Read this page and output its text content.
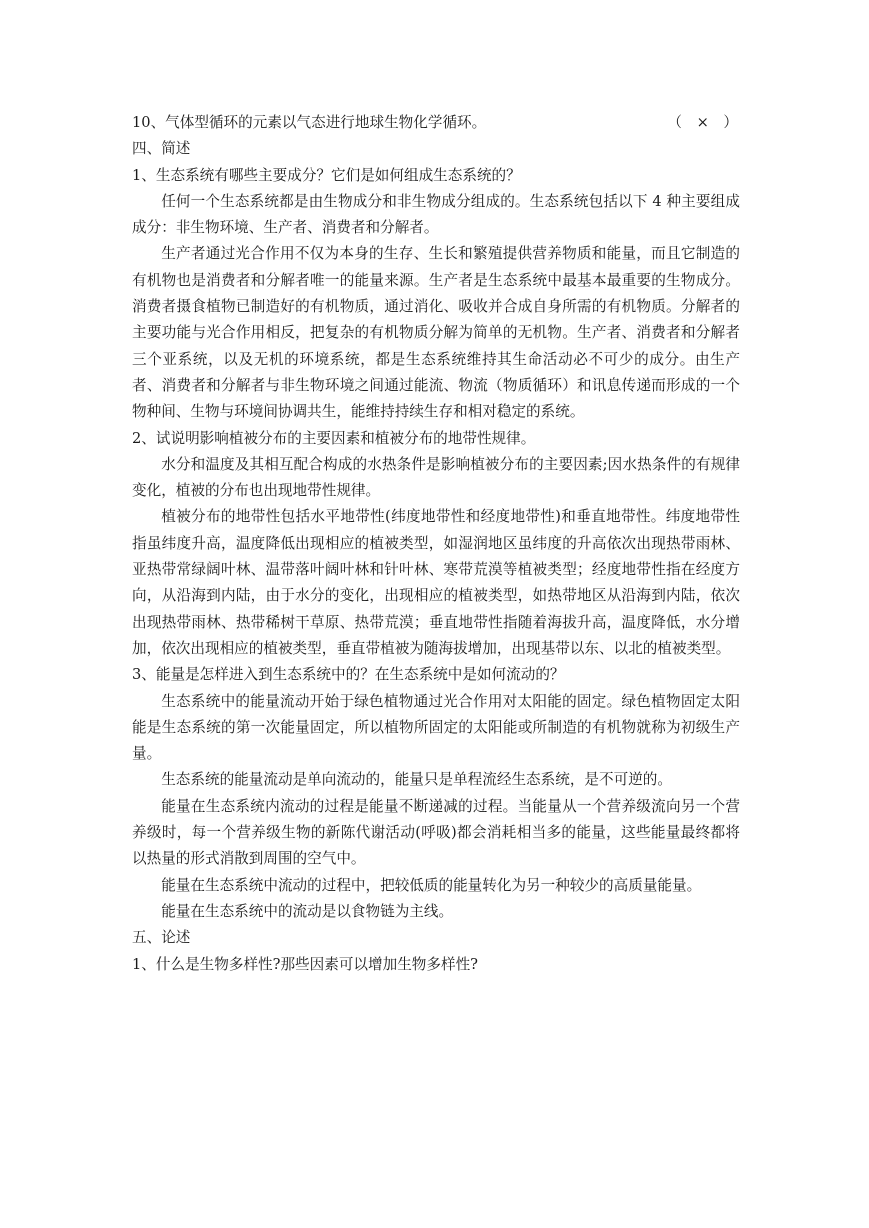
10、气体型循环的元素以气态进行地球生物化学循环。	（　×　）
四、简述
1、生态系统有哪些主要成分？它们是如何组成生态系统的？

任何一个生态系统都是由生物成分和非生物成分组成的。生态系统包括以下 4 种主要组成成分：非生物环境、生产者、消费者和分解者。

生产者通过光合作用不仅为本身的生存、生长和繁殖提供营养物质和能量，而且它制造的有机物也是消费者和分解者唯一的能量来源。生产者是生态系统中最基本最重要的生物成分。消费者摄食植物已制造好的有机物质，通过消化、吸收并合成自身所需的有机物质。分解者的主要功能与光合作用相反，把复杂的有机物质分解为简单的无机物。生产者、消费者和分解者三个亚系统，以及无机的环境系统，都是生态系统维持其生命活动必不可少的成分。由生产者、消费者和分解者与非生物环境之间通过能流、物流（物质循环）和讯息传递而形成的一个物种间、生物与环境间协调共生，能维持持续生存和相对稳定的系统。

2、试说明影响植被分布的主要因素和植被分布的地带性规律。

水分和温度及其相互配合构成的水热条件是影响植被分布的主要因素;因水热条件的有规律变化，植被的分布也出现地带性规律。

植被分布的地带性包括水平地带性(纬度地带性和经度地带性)和垂直地带性。纬度地带性指虽纬度升高，温度降低出现相应的植被类型，如湿润地区虽纬度的升高依次出现热带雨林、亚热带常绿阔叶林、温带落叶阔叶林和针叶林、寒带荒漠等植被类型；经度地带性指在经度方向，从沿海到内陆，由于水分的变化，出现相应的植被类型，如热带地区从沿海到内陆，依次出现热带雨林、热带稀树干草原、热带荒漠；垂直地带性指随着海拔升高，温度降低，水分增加，依次出现相应的植被类型，垂直带植被为随海拔增加，出现基带以东、以北的植被类型。

3、能量是怎样进入到生态系统中的？在生态系统中是如何流动的？

生态系统中的能量流动开始于绿色植物通过光合作用对太阳能的固定。绿色植物固定太阳能是生态系统的第一次能量固定，所以植物所固定的太阳能或所制造的有机物就称为初级生产量。

生态系统的能量流动是单向流动的，能量只是单程流经生态系统，是不可逆的。

能量在生态系统内流动的过程是能量不断递减的过程。当能量从一个营养级流向另一个营养级时，每一个营养级生物的新陈代谢活动(呼吸)都会消耗相当多的能量，这些能量最终都将以热量的形式消散到周围的空气中。

能量在生态系统中流动的过程中，把较低质的能量转化为另一种较少的高质量能量。

能量在生态系统中的流动是以食物链为主线。

五、论述
1、什么是生物多样性?那些因素可以增加生物多样性?
